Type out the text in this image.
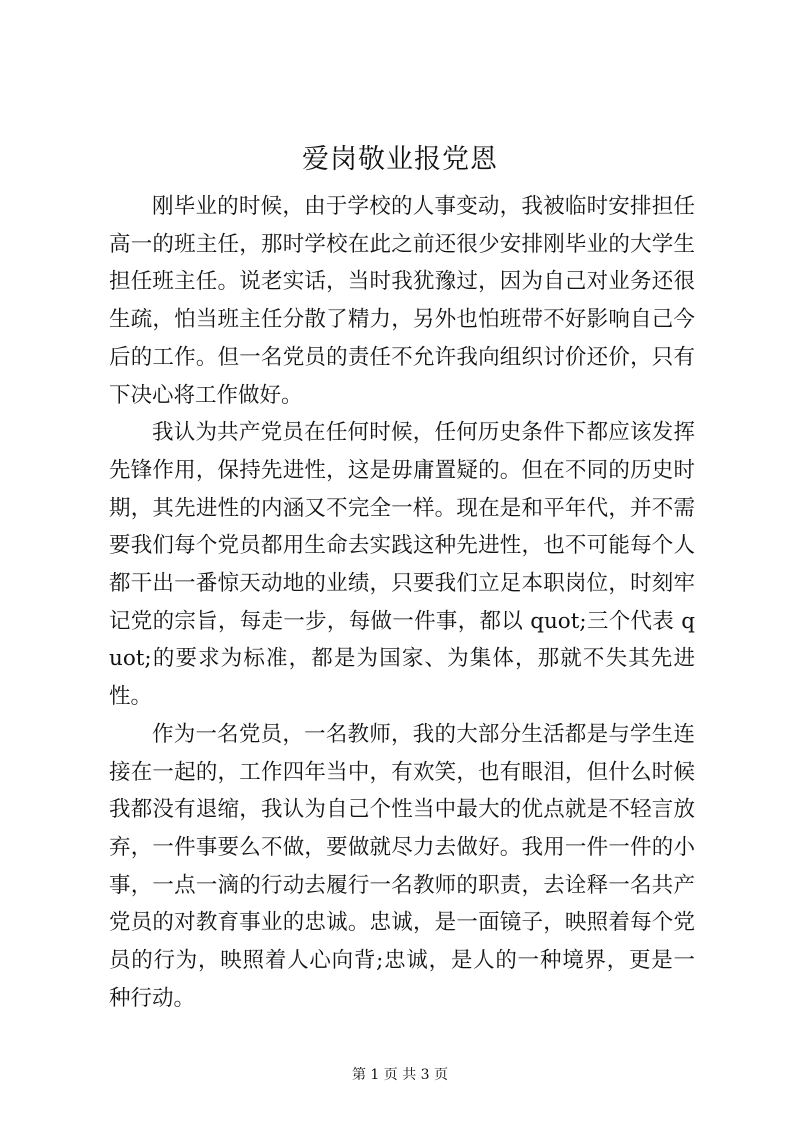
爱岗敬业报党恩

刚毕业的时候，由于学校的人事变动，我被临时安排担任高一的班主任，那时学校在此之前还很少安排刚毕业的大学生担任班主任。说老实话，当时我犹豫过，因为自己对业务还很生疏，怕当班主任分散了精力，另外也怕班带不好影响自己今后的工作。但一名党员的责任不允许我向组织讨价还价，只有下决心将工作做好。

我认为共产党员在任何时候，任何历史条件下都应该发挥先锋作用，保持先进性，这是毋庸置疑的。但在不同的历史时期，其先进性的内涵又不完全一样。现在是和平年代，并不需要我们每个党员都用生命去实践这种先进性，也不可能每个人都干出一番惊天动地的业绩，只要我们立足本职岗位，时刻牢记党的宗旨，每走一步，每做一件事，都以 quot;三个代表 quot;的要求为标准，都是为国家、为集体，那就不失其先进性。

作为一名党员，一名教师，我的大部分生活都是与学生连接在一起的，工作四年当中，有欢笑，也有眼泪，但什么时候我都没有退缩，我认为自己个性当中最大的优点就是不轻言放弃，一件事要么不做，要做就尽力去做好。我用一件一件的小事，一点一滴的行动去履行一名教师的职责，去诠释一名共产党员的对教育事业的忠诚。忠诚，是一面镜子，映照着每个党员的行为，映照着人心向背;忠诚，是人的一种境界，更是一种行动。

第 1 页 共 3 页
